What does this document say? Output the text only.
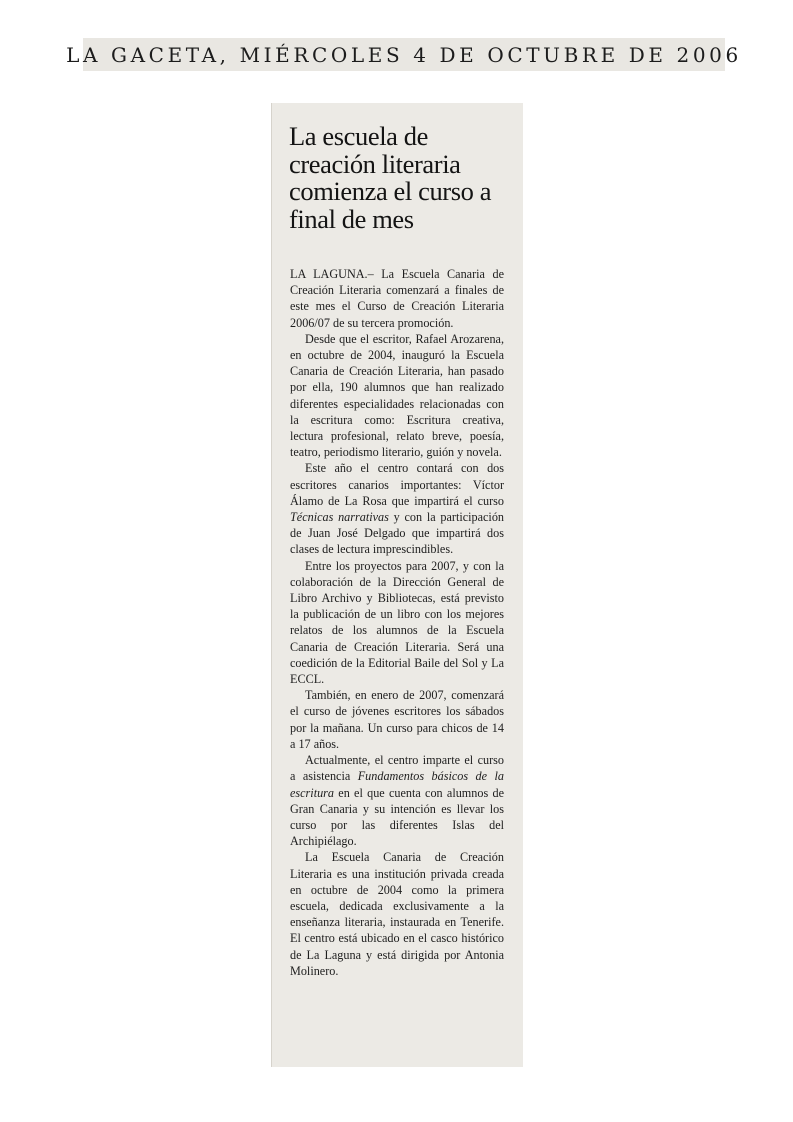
LA GACETA, MIÉRCOLES 4 DE OCTUBRE DE 2006
La escuela de creación literaria comienza el curso a final de mes

LA LAGUNA.– La Escuela Canaria de Creación Literaria comenzará a finales de este mes el Curso de Creación Literaria 2006/07 de su tercera promoción.

Desde que el escritor, Rafael Arozarena, en octubre de 2004, inauguró la Escuela Canaria de Creación Literaria, han pasado por ella, 190 alumnos que han realizado diferentes especialidades relacionadas con la escritura como: Escritura creativa, lectura profesional, relato breve, poesía, teatro, periodismo literario, guión y novela.

Este año el centro contará con dos escritores canarios importantes: Víctor Álamo de La Rosa que impartirá el curso Técnicas narrativas y con la participación de Juan José Delgado que impartirá dos clases de lectura imprescindibles.

Entre los proyectos para 2007, y con la colaboración de la Dirección General de Libro Archivo y Bibliotecas, está previsto la publicación de un libro con los mejores relatos de los alumnos de la Escuela Canaria de Creación Literaria. Será una coedición de la Editorial Baile del Sol y La ECCL.

También, en enero de 2007, comenzará el curso de jóvenes escritores los sábados por la mañana. Un curso para chicos de 14 a 17 años.

Actualmente, el centro imparte el curso a asistencia Fundamentos básicos de la escritura en el que cuenta con alumnos de Gran Canaria y su intención es llevar los curso por las diferentes Islas del Archipiélago.

La Escuela Canaria de Creación Literaria es una institución privada creada en octubre de 2004 como la primera escuela, dedicada exclusivamente a la enseñanza literaria, instaurada en Tenerife. El centro está ubicado en el casco histórico de La Laguna y está dirigida por Antonia Molinero.
